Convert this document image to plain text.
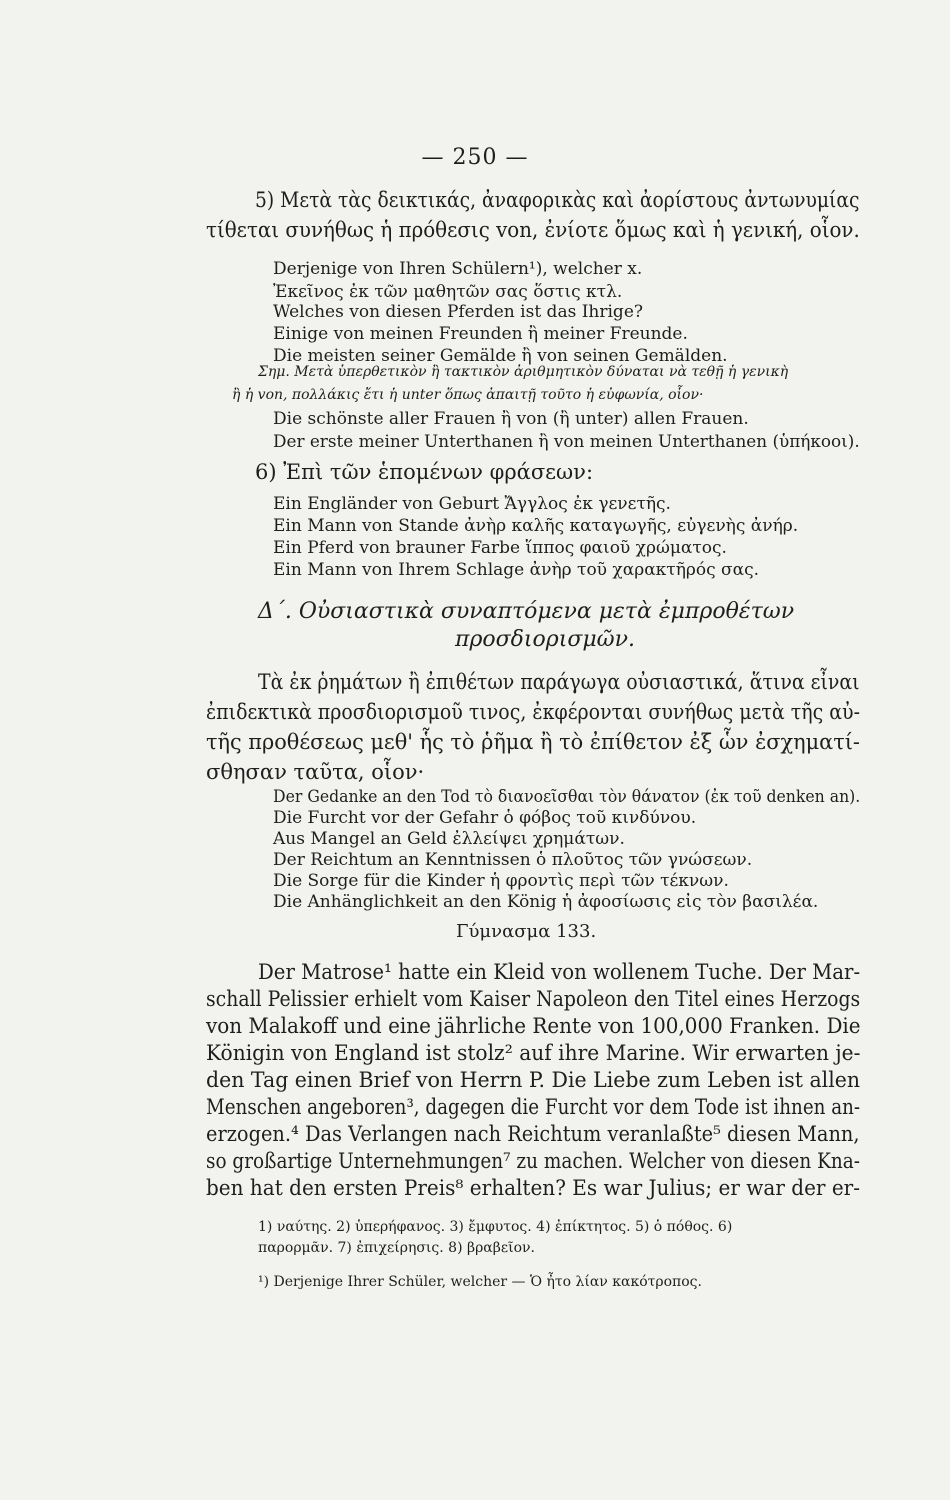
— 250 —
5) Μετὰ τὰς δεικτικάς, ἀναφορικὰς καὶ ἀορίστους ἀντωνυμίας
τίθεται συνήθως ἡ πρόθεσις von, ἐνίοτε ὅμως καὶ ἡ γενική, οἷον.
Derjenige von Ihren Schülern¹), welcher x.
Ἐκεῖνος ἐκ τῶν μαθητῶν σας ὅστις κτλ.
Welches von diesen Pferden ist das Ihrige?
Einige von meinen Freunden ἢ meiner Freunde.
Die meisten seiner Gemälde ἢ von seinen Gemälden.
Σημ. Μετὰ ὑπερθετικὸν ἢ τακτικὸν ἀριθμητικὸν δύναται νὰ τεθῇ ἡ γενικὴ
ἢ ἡ von, πολλάκις ἔτι ἡ unter ὅπως ἀπαιτῇ τοῦτο ἡ εὐφωνία, οἷον·
Die schönste aller Frauen ἢ von (ἢ unter) allen Frauen.
Der erste meiner Unterthanen ἢ von meinen Unterthanen (ὑπήκοοι).
6) Ἐπὶ τῶν ἑπομένων φράσεων:
Ein Engländer von Geburt Ἄγγλος ἐκ γενετῆς.
Ein Mann von Stande ἀνὴρ καλῆς καταγωγῆς, εὐγενὴς ἀνήρ.
Ein Pferd von brauner Farbe ἵππος φαιοῦ χρώματος.
Ein Mann von Ihrem Schlage ἀνὴρ τοῦ χαρακτῆρός σας.
Δ΄. Οὐσιαστικὰ συναπτόμενα μετὰ ἐμπροθέτων
προσδιορισμῶν.
Τὰ ἐκ ῥημάτων ἢ ἐπιθέτων παράγωγα οὐσιαστικά, ἅτινα εἶναι
ἐπιδεκτικὰ προσδιορισμοῦ τινος, ἐκφέρονται συνήθως μετὰ τῆς αὐ-
τῆς προθέσεως μεθ' ἧς τὸ ῥῆμα ἢ τὸ ἐπίθετον ἐξ ὧν ἐσχηματί-
σθησαν ταῦτα, οἷον·
Der Gedanke an den Tod τὸ διανοεῖσθαι τὸν θάνατον (ἐκ τοῦ denken an).
Die Furcht vor der Gefahr ὁ φόβος τοῦ κινδύνου.
Aus Mangel an Geld ἐλλείψει χρημάτων.
Der Reichtum an Kenntnissen ὁ πλοῦτος τῶν γνώσεων.
Die Sorge für die Kinder ἡ φροντὶς περὶ τῶν τέκνων.
Die Anhänglichkeit an den König ἡ ἀφοσίωσις εἰς τὸν βασιλέα.
Γύμνασμα 133.
Der Matrose¹ hatte ein Kleid von wollenem Tuche. Der Mar-
schall Pelissier erhielt vom Kaiser Napoleon den Titel eines Herzogs
von Malakoff und eine jährliche Rente von 100,000 Franken. Die
Königin von England ist stolz² auf ihre Marine. Wir erwarten je-
den Tag einen Brief von Herrn P. Die Liebe zum Leben ist allen
Menschen angeboren³, dagegen die Furcht vor dem Tode ist ihnen an-
erzogen.⁴ Das Verlangen nach Reichtum veranlaßte⁵ diesen Mann,
so großartige Unternehmungen⁷ zu machen. Welcher von diesen Kna-
ben hat den ersten Preis⁸ erhalten? Es war Julius; er war der er-
1) ναύτης. 2) ὑπερήφανος. 3) ἔμφυτος. 4) ἐπίκτητος. 5) ὁ πόθος. 6)
παρορμᾶν. 7) ἐπιχείρησις. 8) βραβεῖον.
¹) Derjenige Ihrer Schüler, welcher — Ὁ ἦτο λίαν κακότροπος.
